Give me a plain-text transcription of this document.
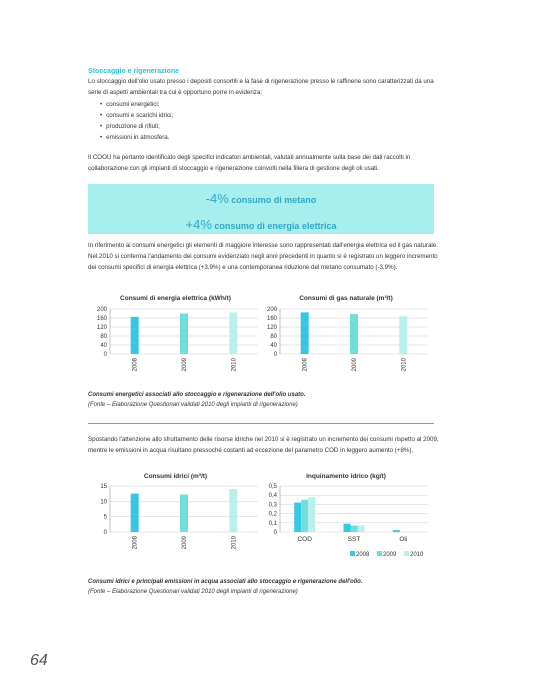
Stoccaggio e rigenerazione

Lo stoccaggio dell'olio usato presso i depositi consortili e la fase di rigenerazione presso le raffinerie sono caratterizzati da una serie di aspetti ambientali tra cui è opportuno porre in evidenza:

• consumi energetici;
• consumi e scarichi idrici;
• produzione di rifiuti;
• emissioni in atmosfera.

Il COOU ha pertanto identificato degli specifici indicatori ambientali, valutati annualmente sulla base dei dati raccolti in collaborazione con gli impianti di stoccaggio e rigenerazione coinvolti nella filiera di gestione degli oli usati.

-4% consumo di metano
+4% consumo di energia elettrica

In riferimento ai consumi energetici gli elementi di maggiore interesse sono rappresentati dall'energia elettrica ed il gas naturale. Nel 2010 si conferma l'andamento dei consumi evidenziato negli anni precedenti in quanto si è registrato un leggero incremento dei consumi specifici di energia elettrica (+3,9%) e una contemporanea riduzione del metano consumato (-3,9%).

Consumi di energia elettrica (kWh/t)
200
160
120
80
40
0
2008	2009	2010
Consumi di gas naturale (m³/t)
200
160
120
80
40
0
2008	2009	2010
Consumi energetici associati allo stoccaggio e rigenerazione dell'olio usato.
(Fonte – Elaborazione Questionari validati 2010 degli impianti di rigenerazione)

Spostando l'attenzione allo sfruttamento delle risorse idriche nel 2010 si è registrato un incremento dei consumi rispetto al 2009, mentre le emissioni in acqua risultano pressoché costanti ad eccezione del parametro COD in leggero aumento (+8%).

Consumi idrici (m³/t)
15
10
5
0
2008	2009	2010
Inquinamento idrico (kg/t)
0,5
0,4
0,3
0,2
0,1
0
COD	SST	Oli
2008 2009 2010
Consumi idrici e principali emissioni in acqua associati allo stoccaggio e rigenerazione dell'olio.
(Fonte – Elaborazione Questionari validati 2010 degli impianti di rigenerazione)
64
